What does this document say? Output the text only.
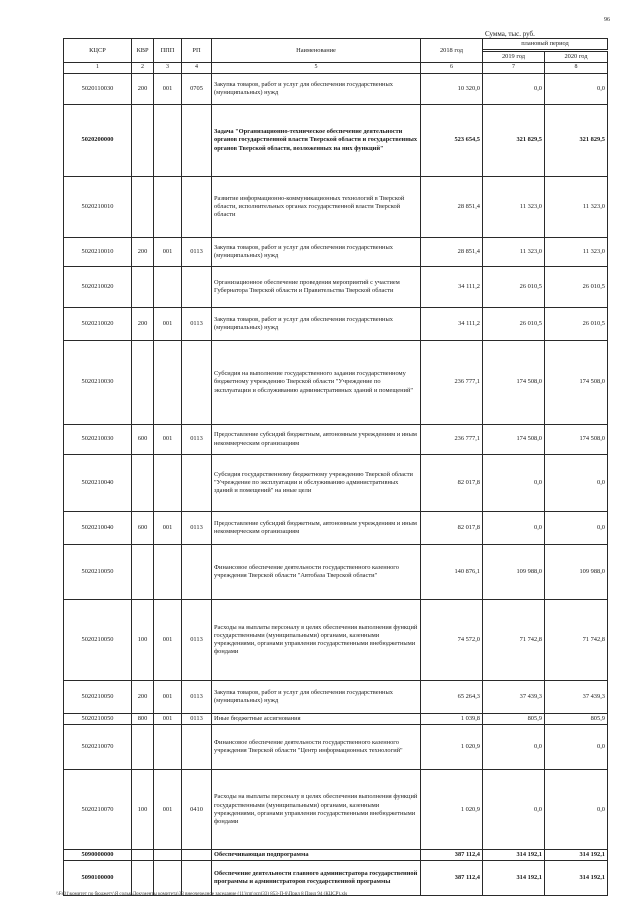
96
Сумма, тыс. руб.
КЦСР	КВР	ППП	РП	Наименование	2018 год	плановый период	

						2019 год	2020 год
1	2	3	4	5	6	7	8
5020110030	200	001	0705	Закупка товаров, работ и услуг для обеспечения государственных (муниципальных) нужд	10 320,0	0,0	0,0
5020200000				Задача "Организационно-техническое обеспечение деятельности органов государственной власти Тверской области и государственных органов Тверской области, возложенных на них функций"	523 654,5	321 829,5	321 829,5
5020210010				Развитие информационно-коммуникационных технологий в Тверской области, исполнительных органах государственной власти Тверской области	28 851,4	11 323,0	11 323,0
5020210010	200	001	0113	Закупка товаров, работ и услуг для обеспечения государственных (муниципальных) нужд	28 851,4	11 323,0	11 323,0
5020210020				Организационное обеспечение проведения мероприятий с участием Губернатора Тверской области и Правительства Тверской области	34 111,2	26 010,5	26 010,5
5020210020	200	001	0113	Закупка товаров, работ и услуг для обеспечения государственных (муниципальных) нужд	34 111,2	26 010,5	26 010,5
5020210030				Субсидия на выполнение государственного задания государственному бюджетному учреждению Тверской области "Учреждение по эксплуатации и обслуживанию административных зданий и помещений"	236 777,1	174 508,0	174 508,0
5020210030	600	001	0113	Предоставление субсидий бюджетным, автономным учреждениям и иным некоммерческим организациям	236 777,1	174 508,0	174 508,0
5020210040				Субсидия государственному бюджетному учреждению Тверской области "Учреждение по эксплуатации и обслуживанию административных зданий и помещений" на иные цели	82 017,8	0,0	0,0
5020210040	600	001	0113	Предоставление субсидий бюджетным, автономным учреждениям и иным некоммерческим организациям	82 017,8	0,0	0,0
5020210050				Финансовое обеспечение деятельности государственного казенного учреждения Тверской области "Автобаза Тверской области"	140 876,1	109 988,0	109 988,0
5020210050	100	001	0113	Расходы на выплаты персоналу в целях обеспечения выполнения функций государственными (муниципальными) органами, казенными учреждениями, органами управления государственными внебюджетными фондами	74 572,0	71 742,8	71 742,8
5020210050	200	001	0113	Закупка товаров, работ и услуг для обеспечения государственных (муниципальных) нужд	65 264,3	37 439,3	37 439,3
5020210050	800	001	0113	Иные бюджетные ассигнования	1 039,8	805,9	805,9
5020210070				Финансовое обеспечение деятельности государственного казенного учреждения Тверской области "Центр информационных технологий"	1 020,9	0,0	0,0
5020210070	100	001	0410	Расходы на выплаты персоналу в целях обеспечения выполнения функций государственными (муниципальными) органами, казенными учреждениями, органами управления государственными внебюджетными фондами	1 020,9	0,0	0,0
5090000000				Обеспечивающая подпрограмма	387 112,4	314 192,1	314 192,1
5090100000				Обеспечение деятельности главного администратора государственной программы и администраторов государственной программы	387 112,4	314 192,1	314 192,1
\\Fs01\комитет по бюджету\Я сольк\Документы комитета\33 внеочередное заседание (11)\пп\зсп(33) 853-П-6\Прил 8 Прил 94 (КЦСР).xls
